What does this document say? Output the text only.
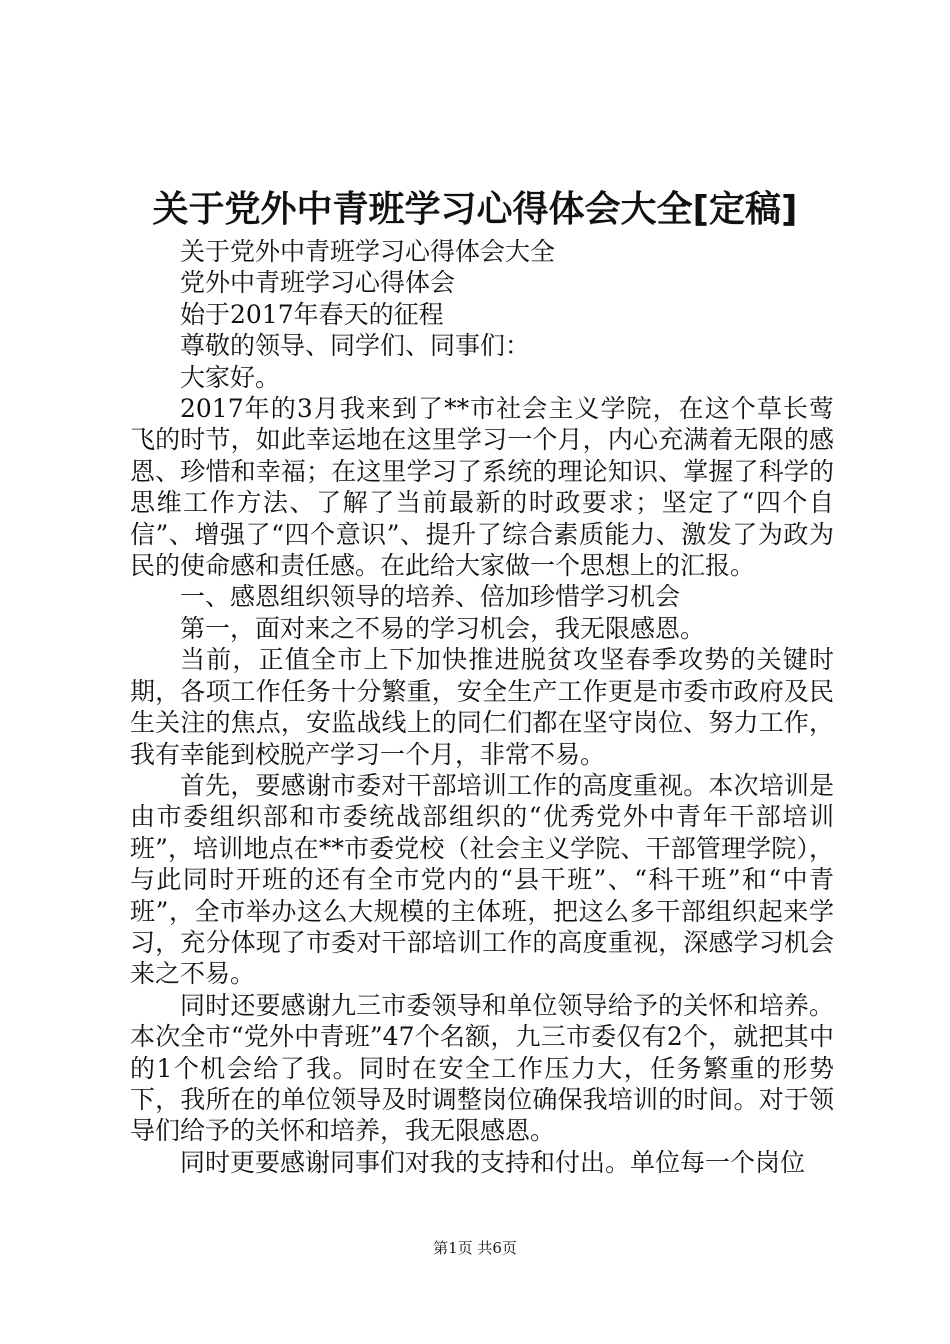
关于党外中青班学习心得体会大全[定稿]

关于党外中青班学习心得体会大全

党外中青班学习心得体会

始于2017年春天的征程

尊敬的领导、同学们、同事们：

大家好。

2017年的3月我来到了**市社会主义学院，在这个草长莺飞的时节，如此幸运地在这里学习一个月，内心充满着无限的感恩、珍惜和幸福；在这里学习了系统的理论知识、掌握了科学的思维工作方法、了解了当前最新的时政要求；坚定了“四个自信”、增强了“四个意识”、提升了综合素质能力、激发了为政为民的使命感和责任感。在此给大家做一个思想上的汇报。

一、感恩组织领导的培养、倍加珍惜学习机会

第一，面对来之不易的学习机会，我无限感恩。

当前，正值全市上下加快推进脱贫攻坚春季攻势的关键时期，各项工作任务十分繁重，安全生产工作更是市委市政府及民生关注的焦点，安监战线上的同仁们都在坚守岗位、努力工作，我有幸能到校脱产学习一个月，非常不易。

首先，要感谢市委对干部培训工作的高度重视。本次培训是由市委组织部和市委统战部组织的“优秀党外中青年干部培训班”，培训地点在**市委党校（社会主义学院、干部管理学院），与此同时开班的还有全市党内的“县干班”、“科干班”和“中青班”，全市举办这么大规模的主体班，把这么多干部组织起来学习，充分体现了市委对干部培训工作的高度重视，深感学习机会来之不易。

同时还要感谢九三市委领导和单位领导给予的关怀和培养。本次全市“党外中青班”47个名额，九三市委仅有2个，就把其中的1个机会给了我。同时在安全工作压力大，任务繁重的形势下，我所在的单位领导及时调整岗位确保我培训的时间。对于领导们给予的关怀和培养，我无限感恩。

同时更要感谢同事们对我的支持和付出。单位每一个岗位

第1页 共6页
